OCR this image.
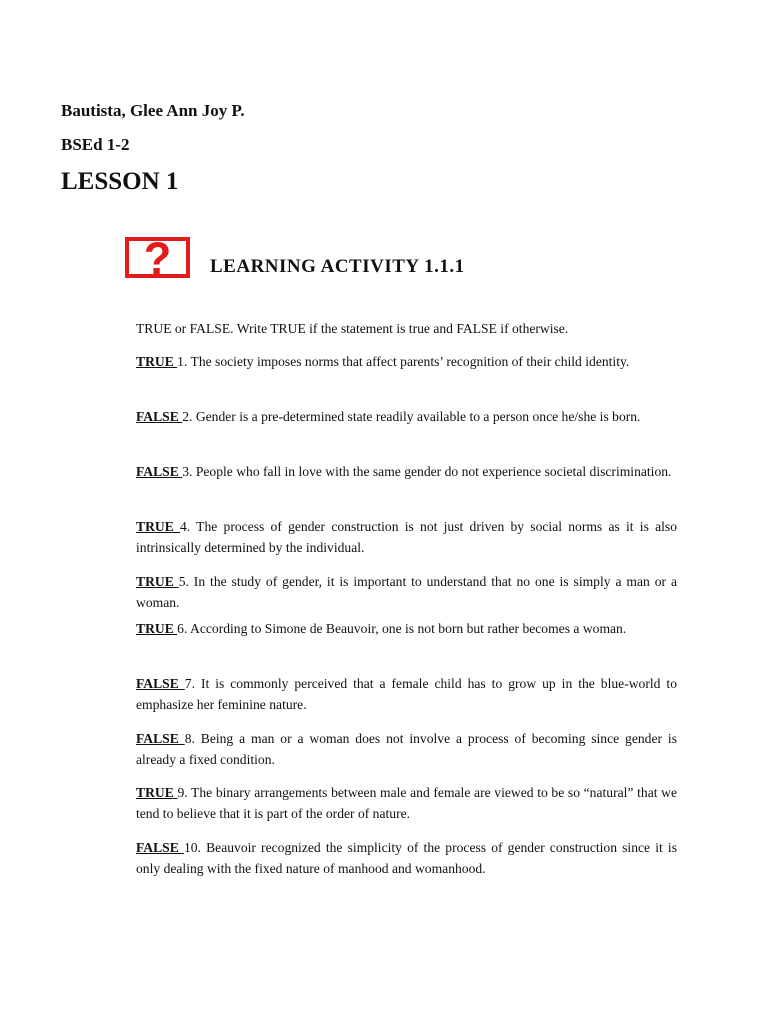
Bautista, Glee Ann Joy P.
BSEd 1-2
LESSON 1
?	LEARNING ACTIVITY 1.1.1
TRUE or FALSE. Write TRUE if the statement is true and FALSE if otherwise.
TRUE 1. The society imposes norms that affect parents’ recognition of their child identity.
FALSE 2. Gender is a pre-determined state readily available to a person once he/she is born.
FALSE 3. People who fall in love with the same gender do not experience societal discrimination.
TRUE 4. The process of gender construction is not just driven by social norms as it is also intrinsically determined by the individual.
TRUE 5. In the study of gender, it is important to understand that no one is simply a man or a woman.
TRUE 6. According to Simone de Beauvoir, one is not born but rather becomes a woman.
FALSE 7. It is commonly perceived that a female child has to grow up in the blue-world to emphasize her feminine nature.
FALSE 8. Being a man or a woman does not involve a process of becoming since gender is already a fixed condition.
TRUE 9. The binary arrangements between male and female are viewed to be so “natural” that we tend to believe that it is part of the order of nature.
FALSE 10. Beauvoir recognized the simplicity of the process of gender construction since it is only dealing with the fixed nature of manhood and womanhood.
